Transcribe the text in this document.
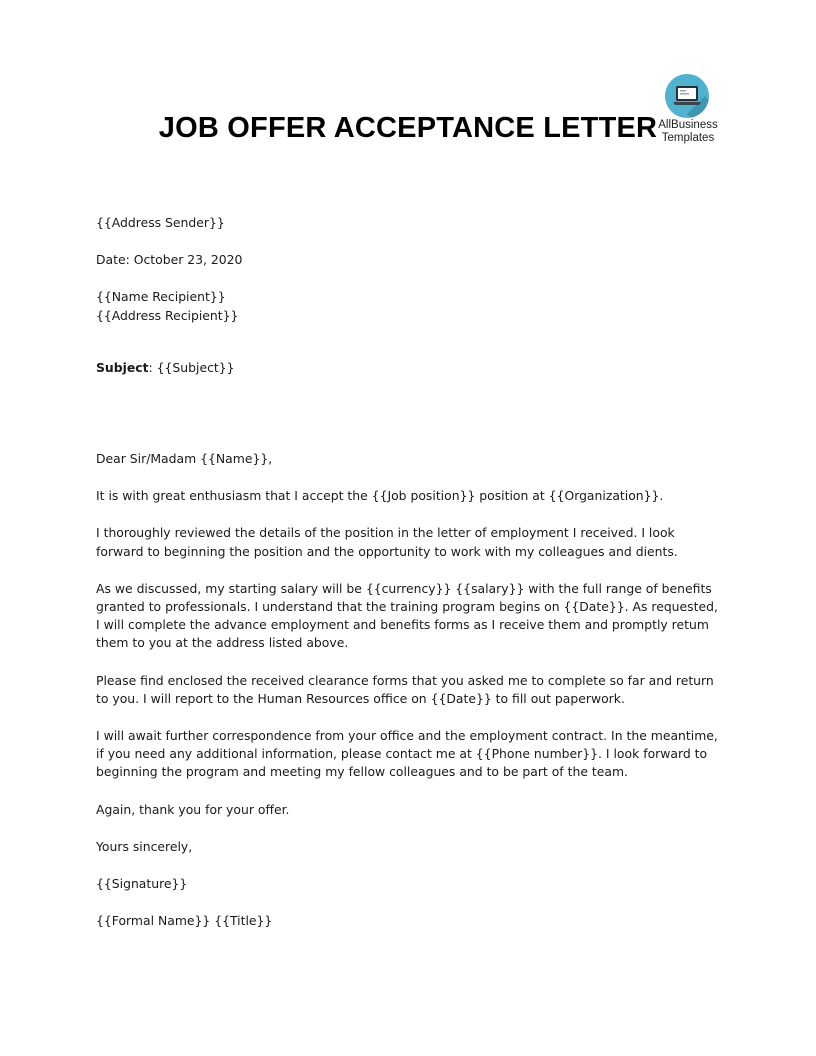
JOB OFFER ACCEPTANCE LETTER AllBusiness
Templates

{{Address Sender}}

Date: October 23, 2020

{{Name Recipient}}

{{Address Recipient}}

Subject: {{Subject}}

Dear Sir/Madam {{Name}},

It is with great enthusiasm that I accept the {{Job position}} position at {{Organization}}.

I thoroughly reviewed the details of the position in the letter of employment I received. I look forward to beginning the position and the opportunity to work with my colleagues and dients.

As we discussed, my starting salary will be {{currency}} {{salary}} with the full range of benefits granted to professionals. I understand that the training program begins on {{Date}}. As requested, I will complete the advance employment and benefits forms as I receive them and promptly retum them to you at the address listed above.

Please find enclosed the received clearance forms that you asked me to complete so far and return to you. I will report to the Human Resources office on {{Date}} to fill out paperwork.

I will await further correspondence from your office and the employment contract. In the meantime, if you need any additional information, please contact me at {{Phone number}}. I look forward to beginning the program and meeting my fellow colleagues and to be part of the team.

Again, thank you for your offer.

Yours sincerely,

{{Signature}}

{{Formal Name}} {{Title}}
